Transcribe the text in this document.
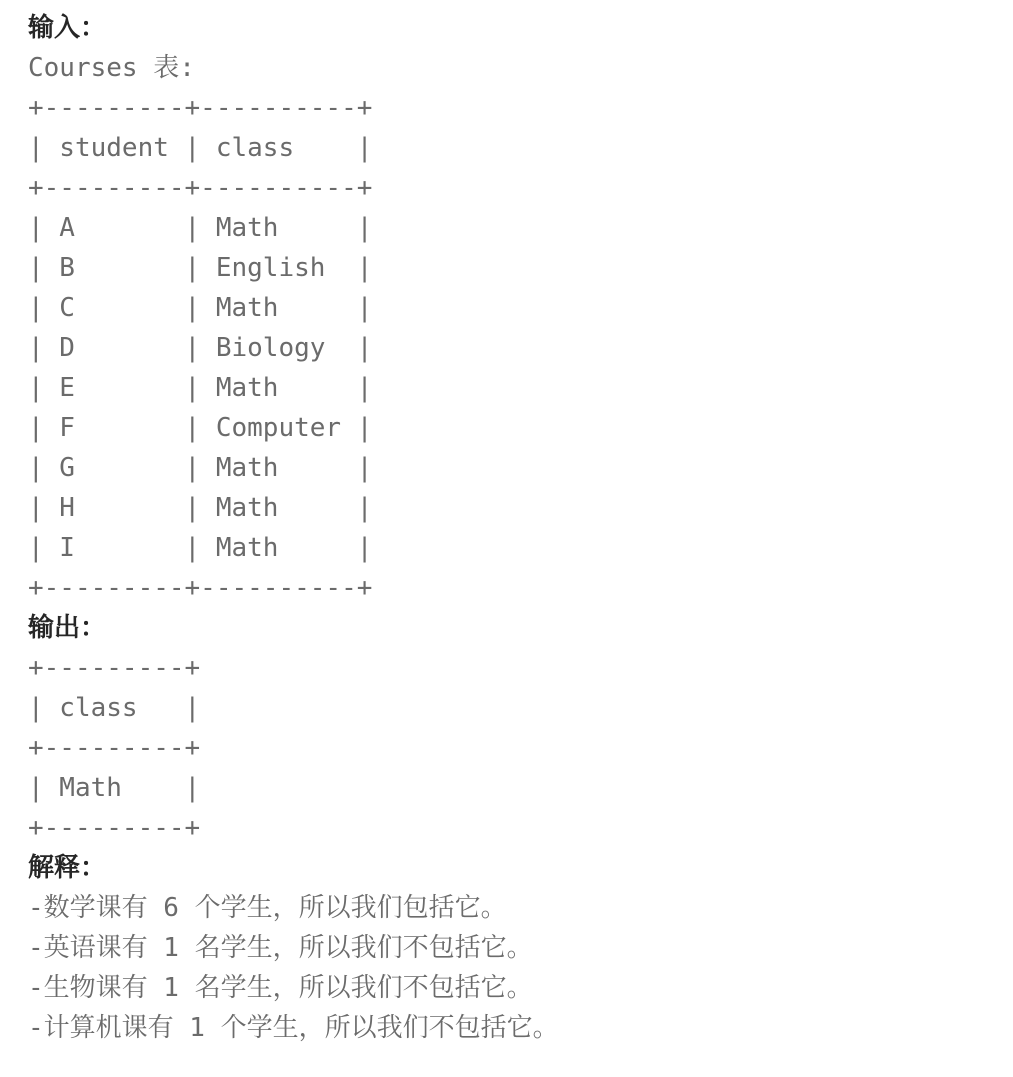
输入：
Courses 表:
+---------+----------+
| student | class    |
+---------+----------+
| A       | Math     |
| B       | English  |
| C       | Math     |
| D       | Biology  |
| E       | Math     |
| F       | Computer |
| G       | Math     |
| H       | Math     |
| I       | Math     |
+---------+----------+
输出：
+---------+
| class   |
+---------+
| Math    |
+---------+
解释：
-数学课有 6 个学生，所以我们包括它。
-英语课有 1 名学生，所以我们不包括它。
-生物课有 1 名学生，所以我们不包括它。
-计算机课有 1 个学生，所以我们不包括它。
